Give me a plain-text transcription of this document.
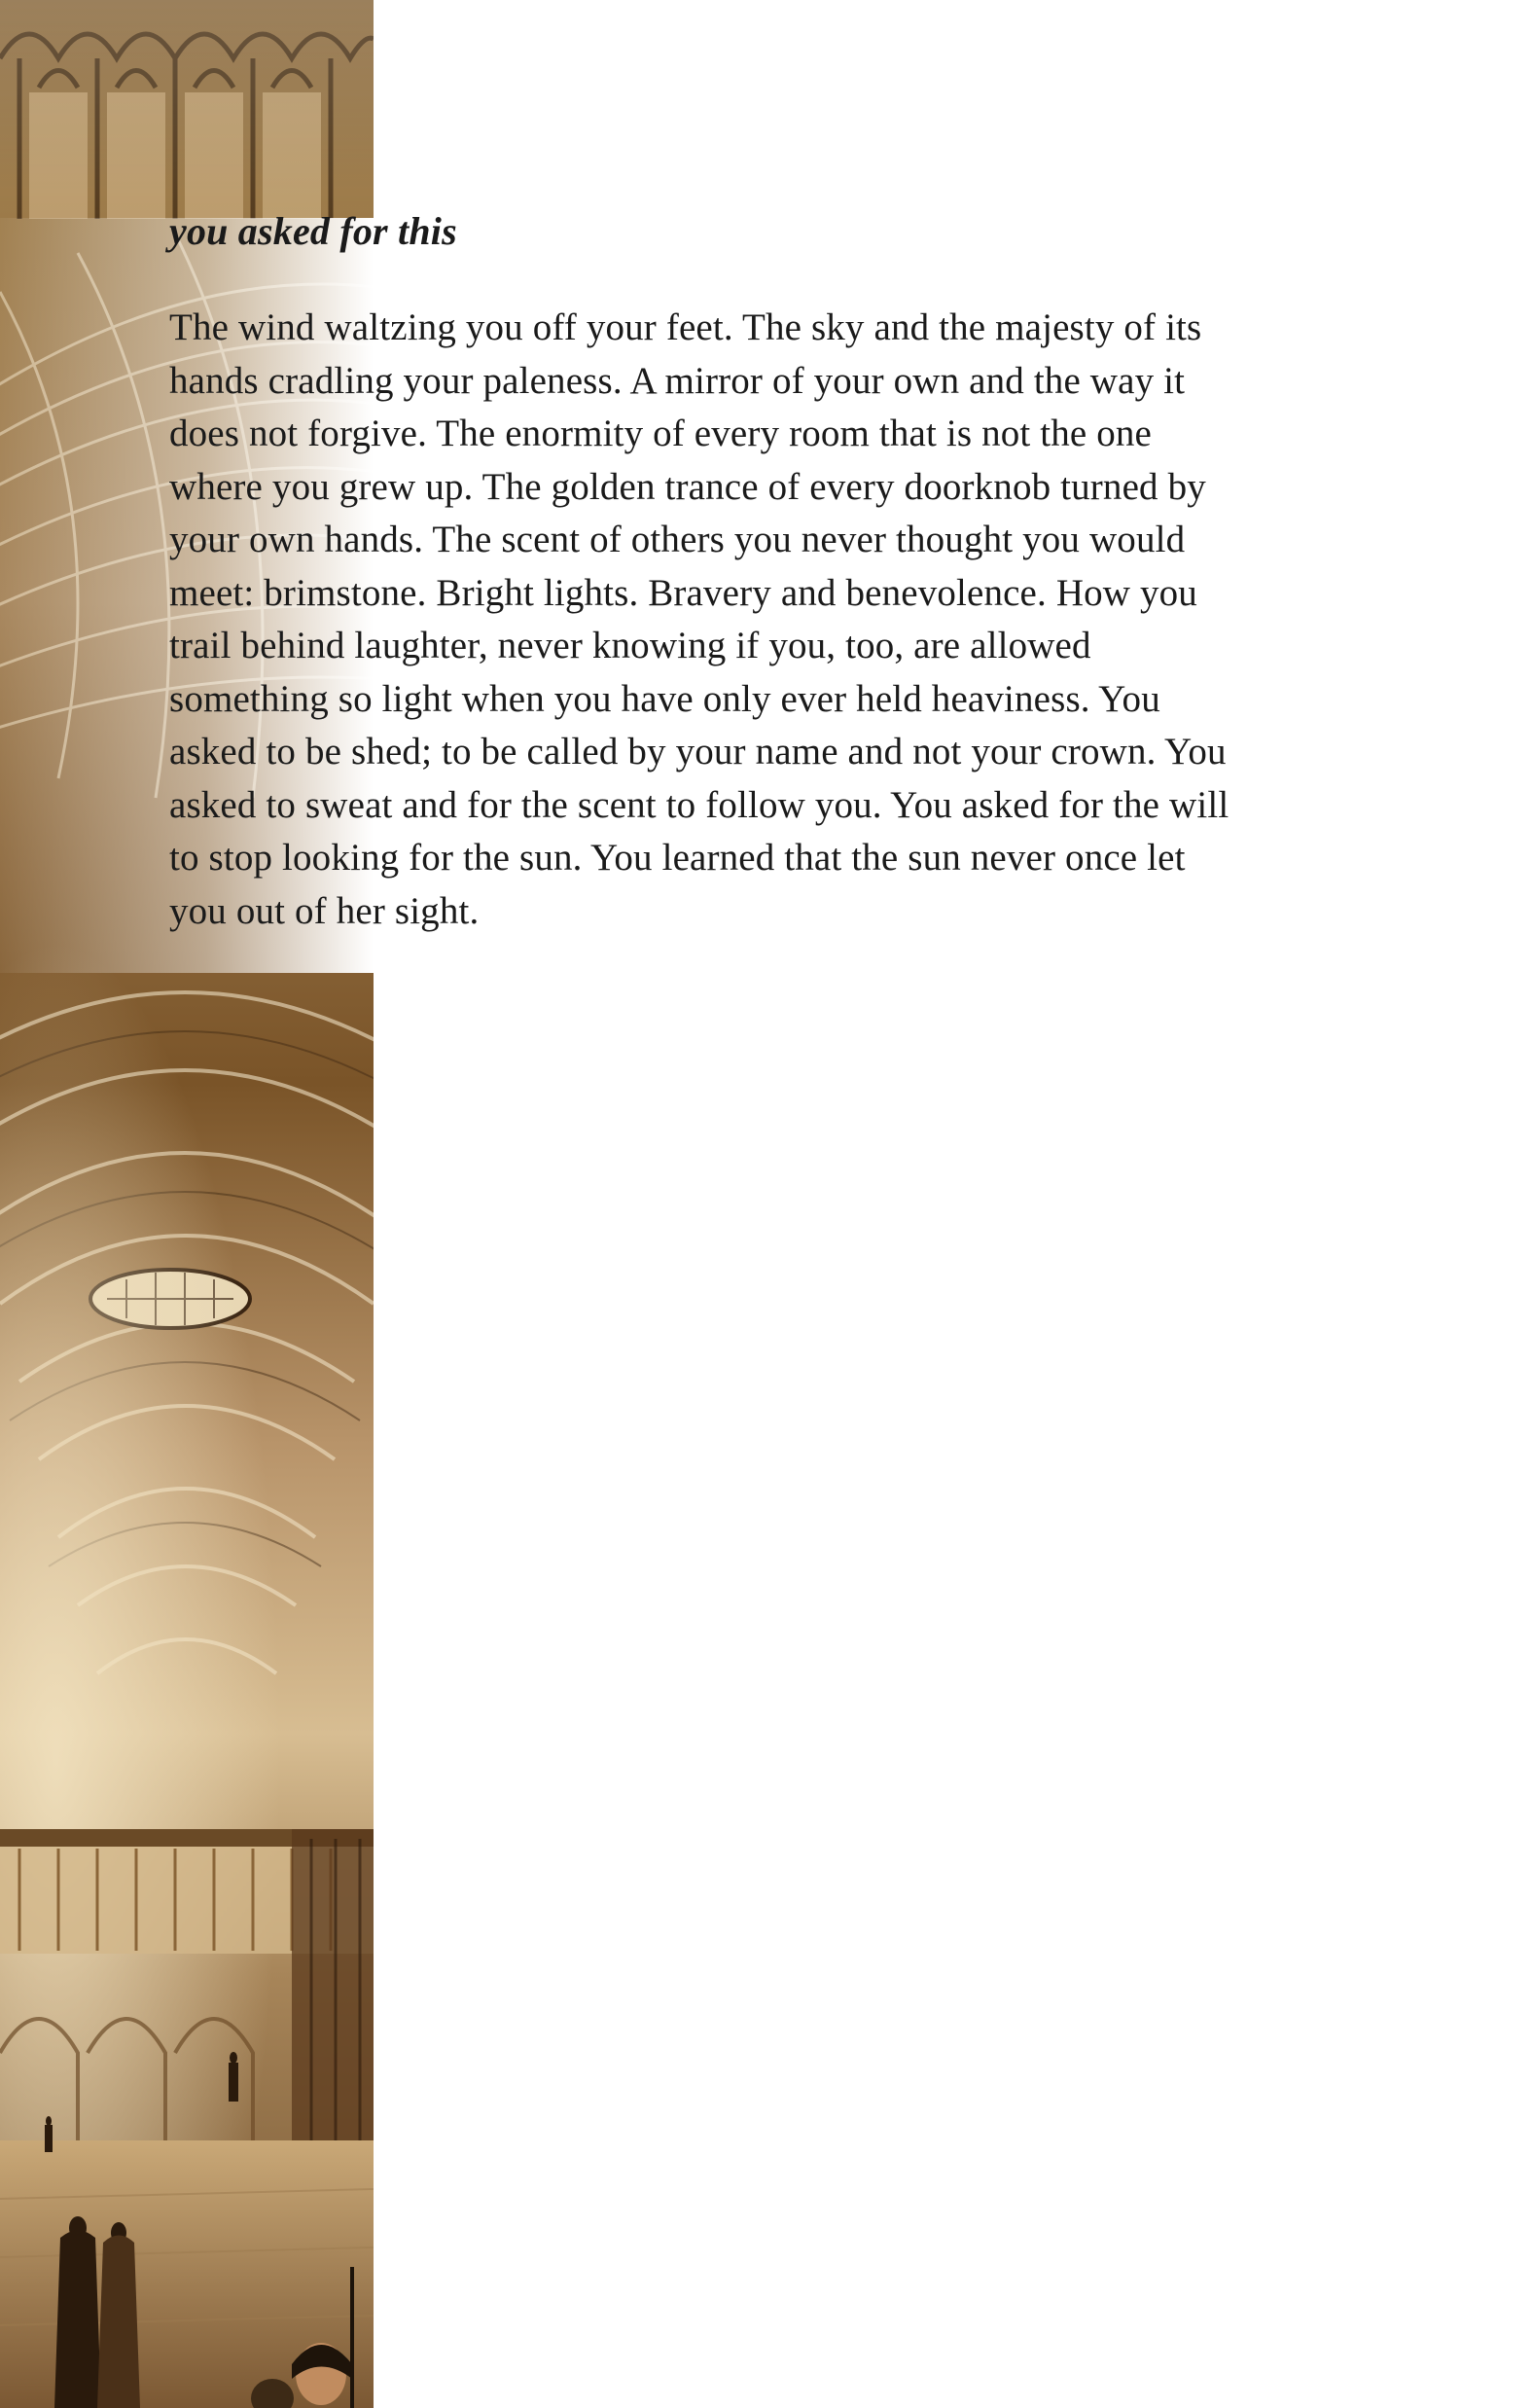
you asked for this

The wind waltzing you off your feet. The sky and the majesty of its
hands cradling your paleness. A mirror of your own and the way it
does not forgive. The enormity of every room that is not the one
where you grew up. The golden trance of every doorknob turned by
your own hands. The scent of others you never thought you would
meet: brimstone. Bright lights. Bravery and benevolence. How you
trail behind laughter, never knowing if you, too, are allowed
something so light when you have only ever held heaviness. You
asked to be shed; to be called by your name and not your crown. You
asked to sweat and for the scent to follow you. You asked for the will
to stop looking for the sun. You learned that the sun never once let
you out of her sight.
